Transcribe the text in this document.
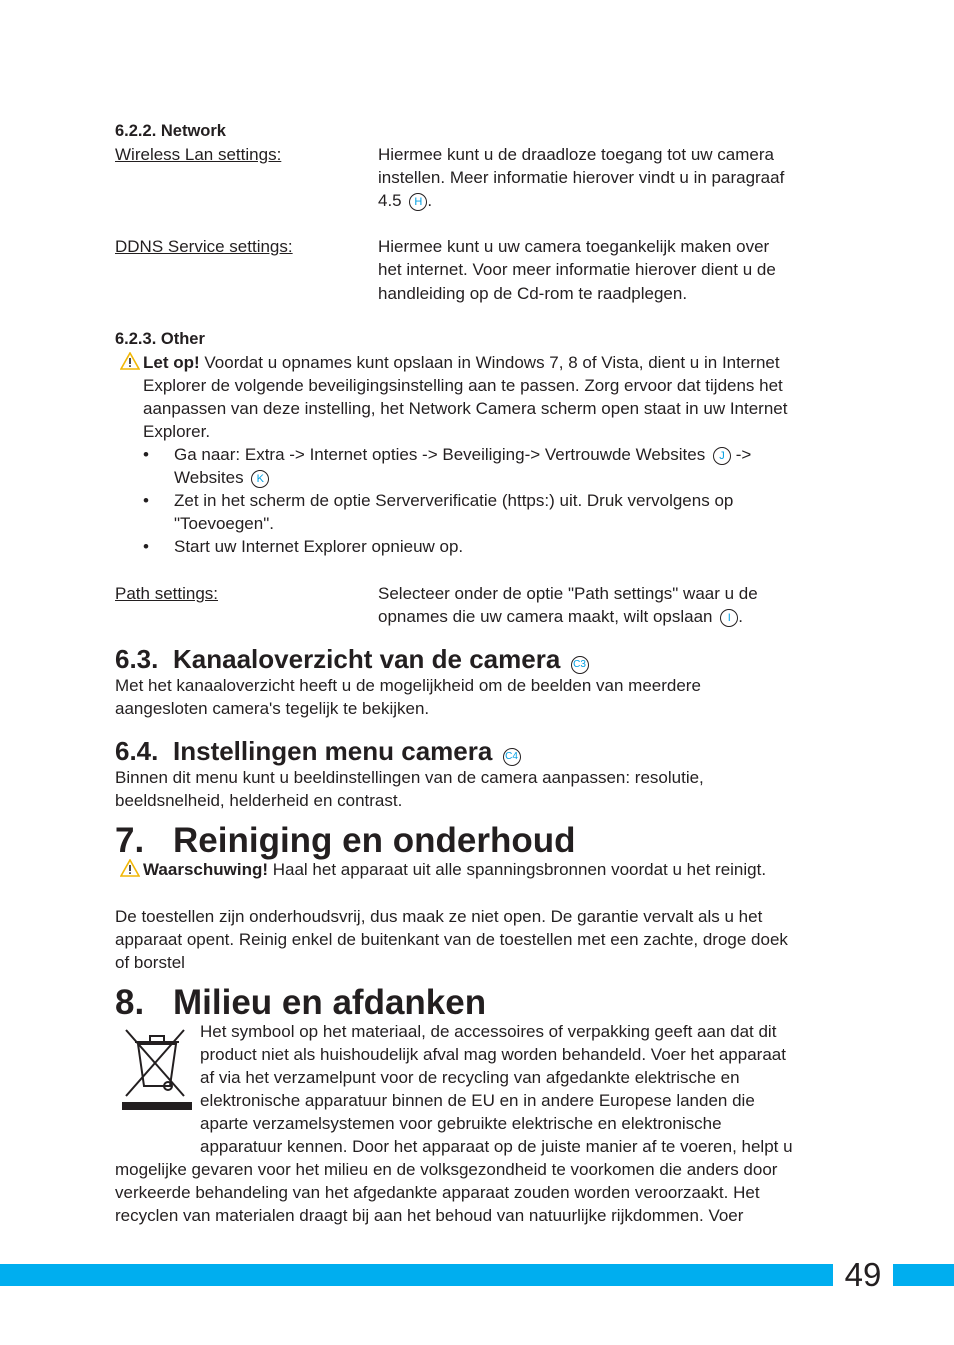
6.2.2. Network
Wireless Lan settings:	Hiermee kunt u de draadloze toegang tot uw camera
instellen. Meer informatie hierover vindt u in paragraaf
4.5 H .
DDNS Service settings:	Hiermee kunt u uw camera toegankelijk maken over
het internet. Voor meer informatie hierover dient u de
handleiding op de Cd-rom te raadplegen.
6.2.3. Other
Let op! Voordat u opnames kunt opslaan in Windows 7, 8 of Vista, dient u in Internet
Explorer de volgende beveiligingsinstelling aan te passen. Zorg ervoor dat tijdens het
aanpassen van deze instelling, het Network Camera scherm open staat in uw Internet
Explorer.
• Ga naar: Extra -> Internet opties -> Beveiliging-> Vertrouwde Websites J ->
Websites K
• Zet in het scherm de optie Serververificatie (https:) uit. Druk vervolgens op
"Toevoegen".
• Start uw Internet Explorer opnieuw op.
Path settings:	Selecteer onder de optie "Path settings" waar u de
opnames die uw camera maakt, wilt opslaan I .
6.3. Kanaaloverzicht van de camera C3
Met het kanaaloverzicht heeft u de mogelijkheid om de beelden van meerdere
aangesloten camera's tegelijk te bekijken.
6.4. Instellingen menu camera C4
Binnen dit menu kunt u beeldinstellingen van de camera aanpassen: resolutie,
beeldsnelheid, helderheid en contrast.
7. Reiniging en onderhoud
Waarschuwing! Haal het apparaat uit alle spanningsbronnen voordat u het reinigt.
De toestellen zijn onderhoudsvrij, dus maak ze niet open. De garantie vervalt als u het
apparaat opent. Reinig enkel de buitenkant van de toestellen met een zachte, droge doek
of borstel
8. Milieu en afdanken
Het symbool op het materiaal, de accessoires of verpakking geeft aan dat dit
product niet als huishoudelijk afval mag worden behandeld. Voer het apparaat
af via het verzamelpunt voor de recycling van afgedankte elektrische en
elektronische apparatuur binnen de EU en in andere Europese landen die
aparte verzamelsystemen voor gebruikte elektrische en elektronische
apparatuur kennen. Door het apparaat op de juiste manier af te voeren, helpt u
mogelijke gevaren voor het milieu en de volksgezondheid te voorkomen die anders door
verkeerde behandeling van het afgedankte apparaat zouden worden veroorzaakt. Het
recyclen van materialen draagt bij aan het behoud van natuurlijke rijkdommen. Voer
49
